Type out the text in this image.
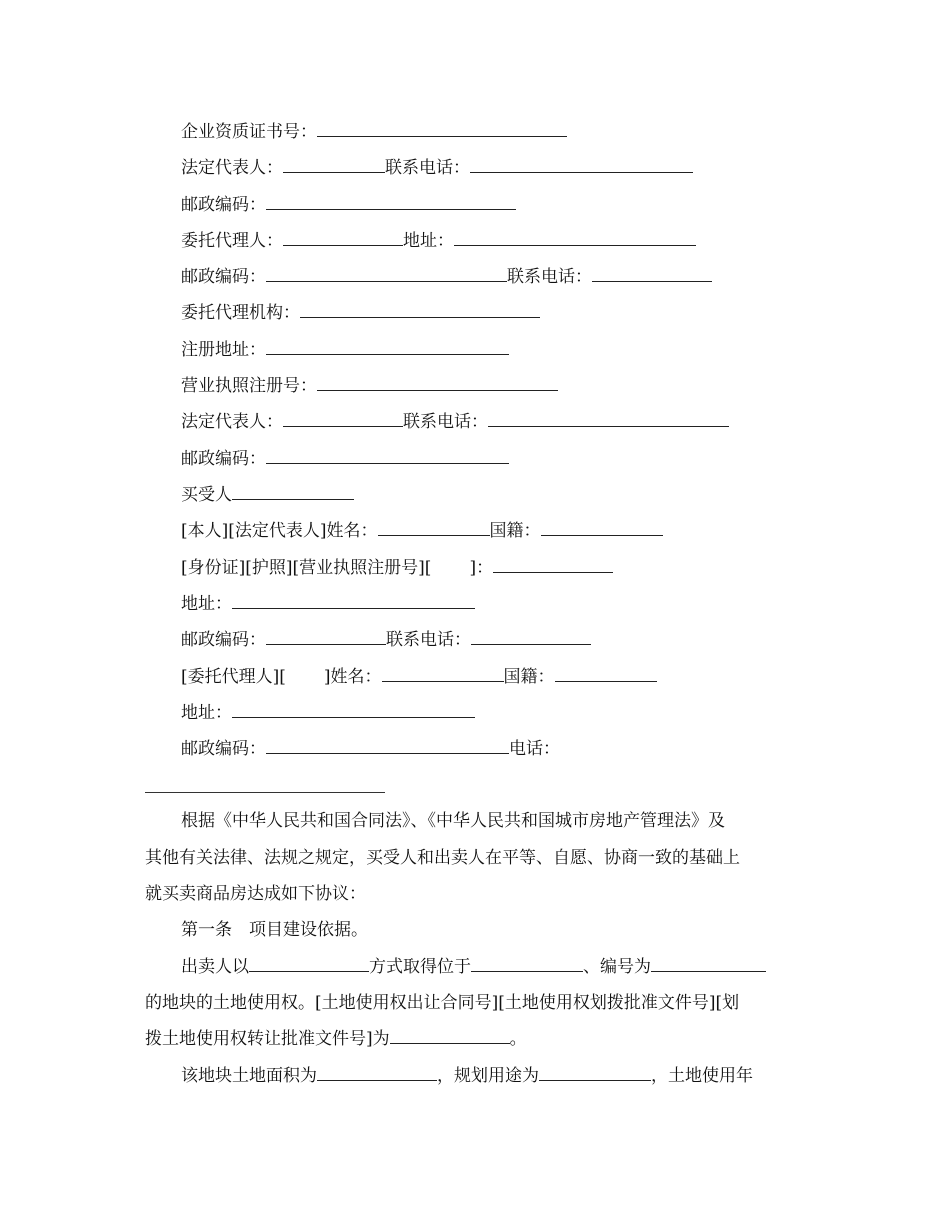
企业资质证书号：
法定代表人：	联系电话：
邮政编码：
委托代理人：	地址：
邮政编码：	联系电话：
委托代理机构：
注册地址：
营业执照注册号：
法定代表人：	联系电话：
邮政编码：
买受人
[本人][法定代表人]姓名：	国籍：
[身份证][护照][营业执照注册号][ ]：
地址：
邮政编码：	联系电话：
[委托代理人][ ]姓名：	国籍：
地址：
邮政编码：	电话：
根据《中华人民共和国合同法》、《中华人民共和国城市房地产管理法》及
其他有关法律、法规之规定，买受人和出卖人在平等、自愿、协商一致的基础上
就买卖商品房达成如下协议：
第一条　项目建设依据。
出卖人以	方式取得位于	、编号为
的地块的土地使用权。[土地使用权出让合同号][土地使用权划拨批准文件号][划
拨土地使用权转让批准文件号]为	。
该地块土地面积为	，规划用途为	，土地使用年
